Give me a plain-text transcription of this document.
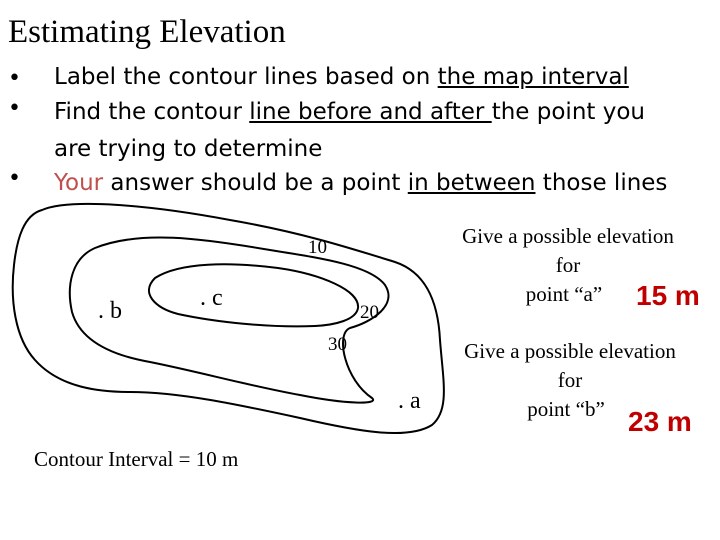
Estimating Elevation
•
•
•
Label the contour lines based on the map interval
Find the contour line before and after the point you
are trying to determine
Your answer should be a point in between those lines
10
20
30
. b	. c
. a
Contour Interval = 10 m
Give a possible elevation
for
point “a”	15 m
Give a possible elevation
for
point “b” 23 m
